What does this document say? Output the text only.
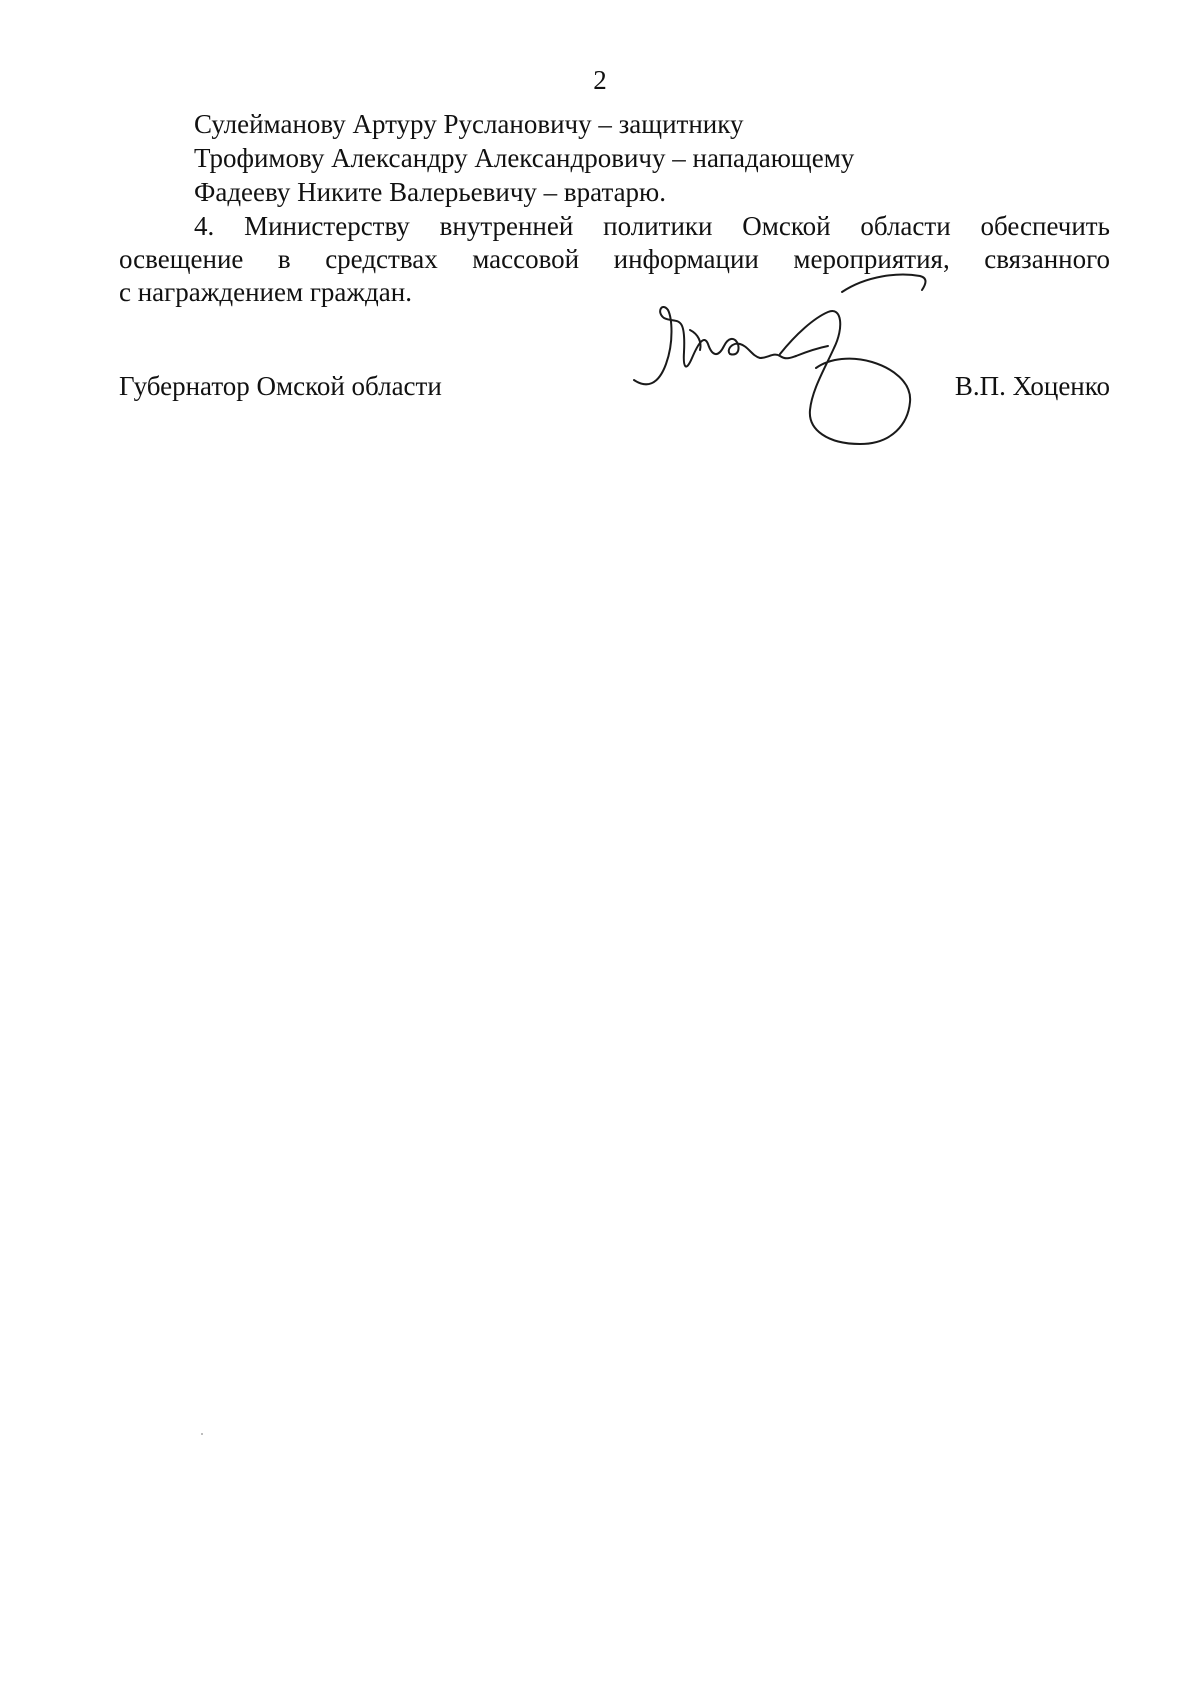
2
Сулейманову Артуру Руслановичу – защитнику
Трофимову Александру Александровичу – нападающему
Фадееву Никите Валерьевичу – вратарю.
4. Министерству внутренней политики Омской области обеспечить
освещение в средствах массовой информации мероприятия, связанного
с награждением граждан.
Губернатор Омской области	В.П. Хоценко
